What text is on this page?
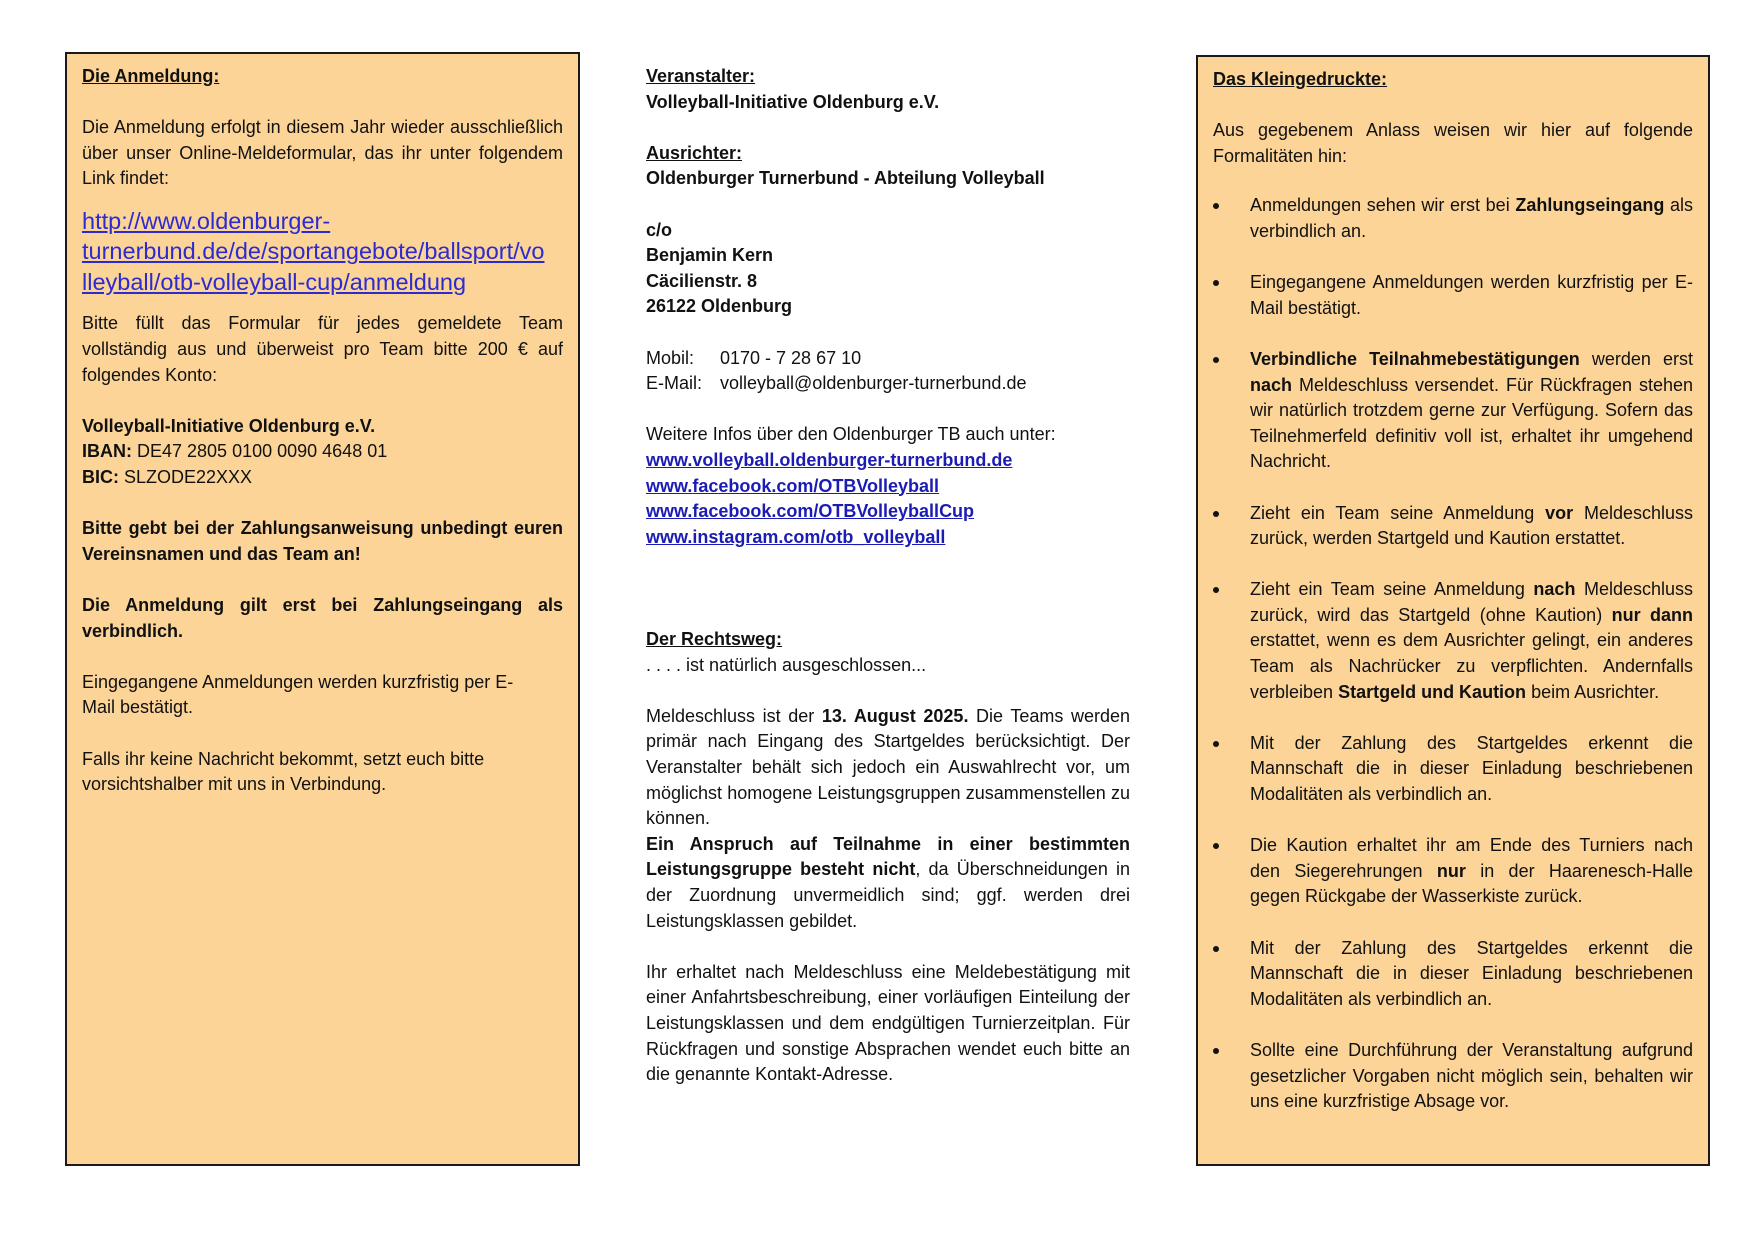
Die Anmeldung:

Die Anmeldung erfolgt in diesem Jahr wieder ausschließlich über unser Online-Meldeformular, das ihr unter folgendem Link findet:

http://www.oldenburger-
turnerbund.de/de/sportangebote/ballsport/vo
lleyball/otb-volleyball-cup/anmeldung

Bitte füllt das Formular für jedes gemeldete Team vollständig aus und überweist pro Team bitte 200 € auf folgendes Konto:

Volleyball-Initiative Oldenburg e.V.

IBAN: DE47 2805 0100 0090 4648 01

BIC: SLZODE22XXX

Bitte gebt bei der Zahlungsanweisung unbedingt euren Vereinsnamen und das Team an!

Die Anmeldung gilt erst bei Zahlungseingang als verbindlich.

Eingegangene Anmeldungen werden kurzfristig per E-

Mail bestätigt.

Falls ihr keine Nachricht bekommt, setzt euch bitte

vorsichtshalber mit uns in Verbindung.

Veranstalter:

Volleyball-Initiative Oldenburg e.V.

Ausrichter:

Oldenburger Turnerbund - Abteilung Volleyball

c/o

Benjamin Kern

Cäcilienstr. 8

26122 Oldenburg

Mobil:	0170 - 7 28 67 10
E-Mail: volleyball@oldenburger-turnerbund.de

Weitere Infos über den Oldenburger TB auch unter:

www.volleyball.oldenburger-turnerbund.de
www.facebook.com/OTBVolleyball
www.facebook.com/OTBVolleyballCup
www.instagram.com/otb_volleyball

Der Rechtsweg:

. . . . ist natürlich ausgeschlossen...

Meldeschluss ist der 13. August 2025. Die Teams werden primär nach Eingang des Startgeldes berücksichtigt. Der Veranstalter behält sich jedoch ein Auswahlrecht vor, um möglichst homogene Leistungsgruppen zusammenstellen zu können.

Ein Anspruch auf Teilnahme in einer bestimmten Leistungsgruppe besteht nicht, da Überschneidungen in der Zuordnung unvermeidlich sind; ggf. werden drei Leistungsklassen gebildet.

Ihr erhaltet nach Meldeschluss eine Meldebestätigung mit einer Anfahrtsbeschreibung, einer vorläufigen Einteilung der Leistungsklassen und dem endgültigen Turnierzeitplan. Für Rückfragen und sonstige Absprachen wendet euch bitte an die genannte Kontakt-Adresse.

Das Kleingedruckte:

Aus gegebenem Anlass weisen wir hier auf folgende Formalitäten hin:

Anmeldungen sehen wir erst bei Zahlungseingang als verbindlich an.
Eingegangene Anmeldungen werden kurzfristig per E-Mail bestätigt.
Verbindliche Teilnahmebestätigungen werden erst nach Meldeschluss versendet. Für Rückfragen stehen wir natürlich trotzdem gerne zur Verfügung. Sofern das Teilnehmerfeld definitiv voll ist, erhaltet ihr umgehend Nachricht.
Zieht ein Team seine Anmeldung vor Meldeschluss zurück, werden Startgeld und Kaution erstattet.
Zieht ein Team seine Anmeldung nach Meldeschluss zurück, wird das Startgeld (ohne Kaution) nur dann erstattet, wenn es dem Ausrichter gelingt, ein anderes Team als Nachrücker zu verpflichten. Andernfalls verbleiben Startgeld und Kaution beim Ausrichter.
Mit der Zahlung des Startgeldes erkennt die Mannschaft die in dieser Einladung beschriebenen Modalitäten als verbindlich an.
Die Kaution erhaltet ihr am Ende des Turniers nach den Siegerehrungen nur in der Haarenesch-Halle gegen Rückgabe der Wasserkiste zurück.
Mit der Zahlung des Startgeldes erkennt die Mannschaft die in dieser Einladung beschriebenen Modalitäten als verbindlich an.
Sollte eine Durchführung der Veranstaltung aufgrund gesetzlicher Vorgaben nicht möglich sein, behalten wir uns eine kurzfristige Absage vor.
